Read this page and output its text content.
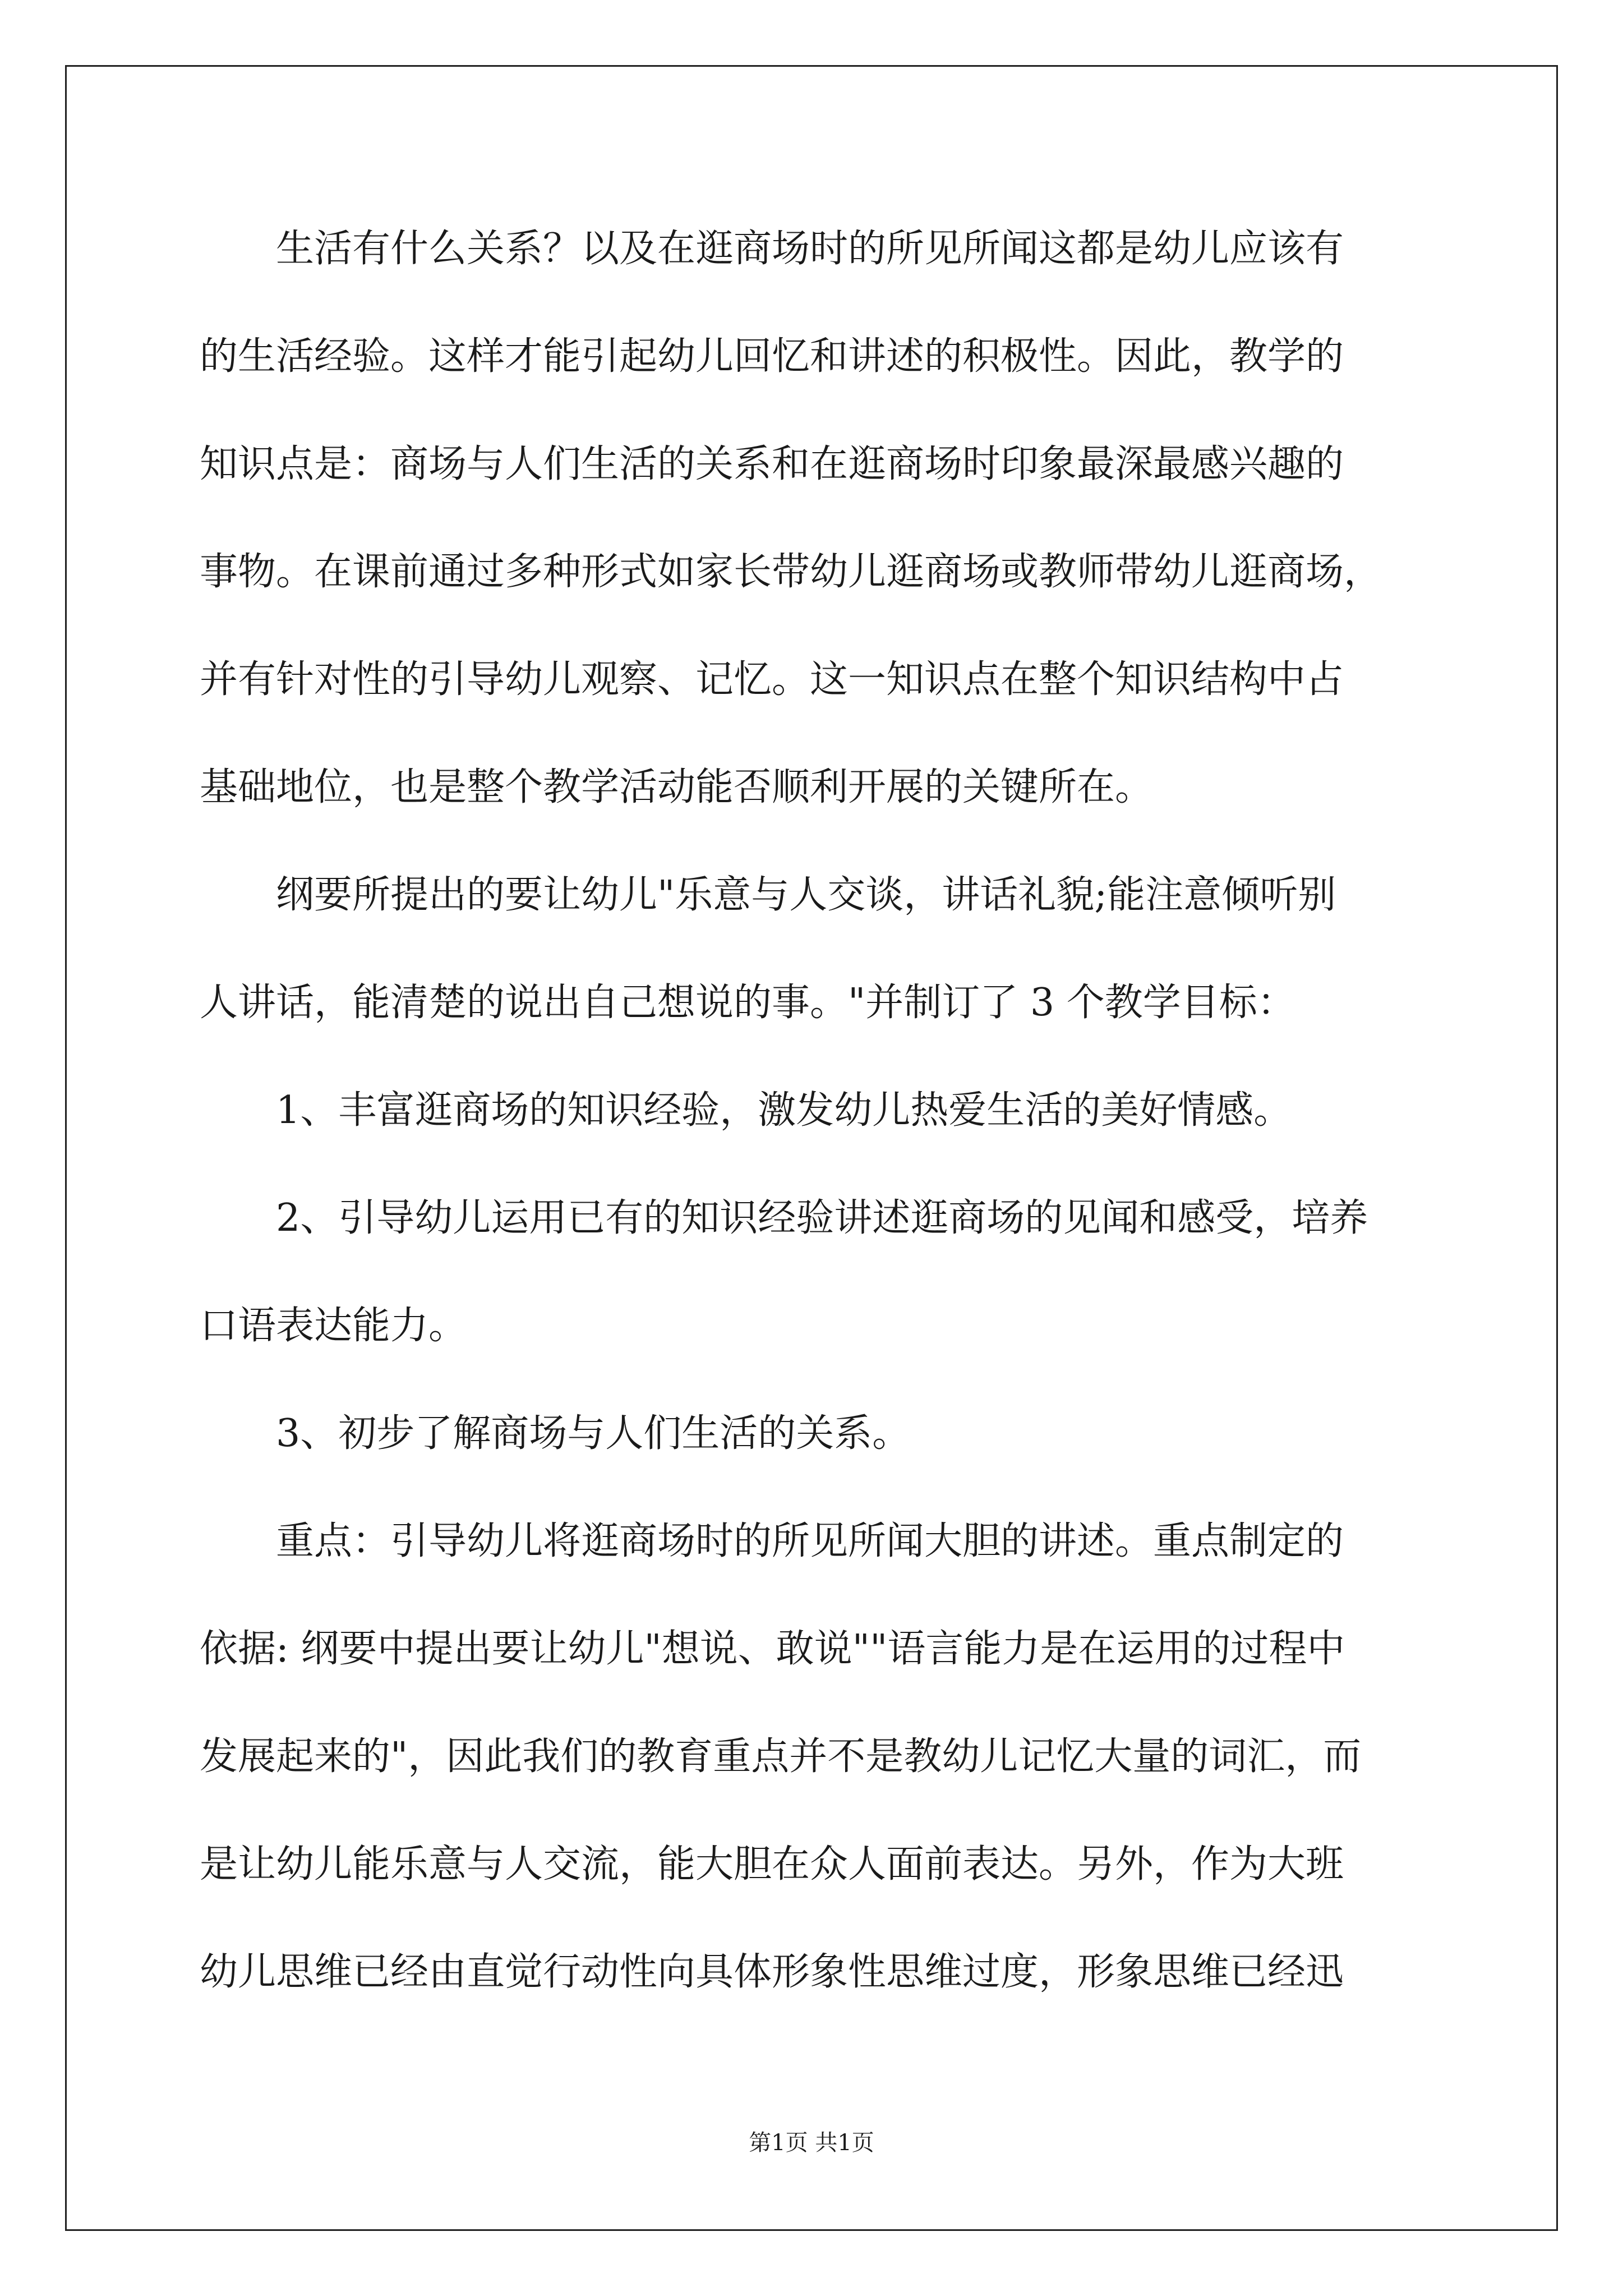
生活有什么关系？以及在逛商场时的所见所闻这都是幼儿应该有
的生活经验。这样才能引起幼儿回忆和讲述的积极性。因此，教学的
知识点是：商场与人们生活的关系和在逛商场时印象最深最感兴趣的
事物。在课前通过多种形式如家长带幼儿逛商场或教师带幼儿逛商场，
并有针对性的引导幼儿观察、记忆。这一知识点在整个知识结构中占
基础地位，也是整个教学活动能否顺利开展的关键所在。
纲要所提出的要让幼儿"乐意与人交谈，讲话礼貌;能注意倾听别
人讲话，能清楚的说出自己想说的事。"并制订了 3 个教学目标：
1、丰富逛商场的知识经验，激发幼儿热爱生活的美好情感。
2、引导幼儿运用已有的知识经验讲述逛商场的见闻和感受，培养
口语表达能力。
3、初步了解商场与人们生活的关系。
重点：引导幼儿将逛商场时的所见所闻大胆的讲述。重点制定的
依据: 纲要中提出要让幼儿"想说、敢说""语言能力是在运用的过程中
发展起来的"，因此我们的教育重点并不是教幼儿记忆大量的词汇，而
是让幼儿能乐意与人交流，能大胆在众人面前表达。另外，作为大班
幼儿思维已经由直觉行动性向具体形象性思维过度，形象思维已经迅
第1页 共1页
